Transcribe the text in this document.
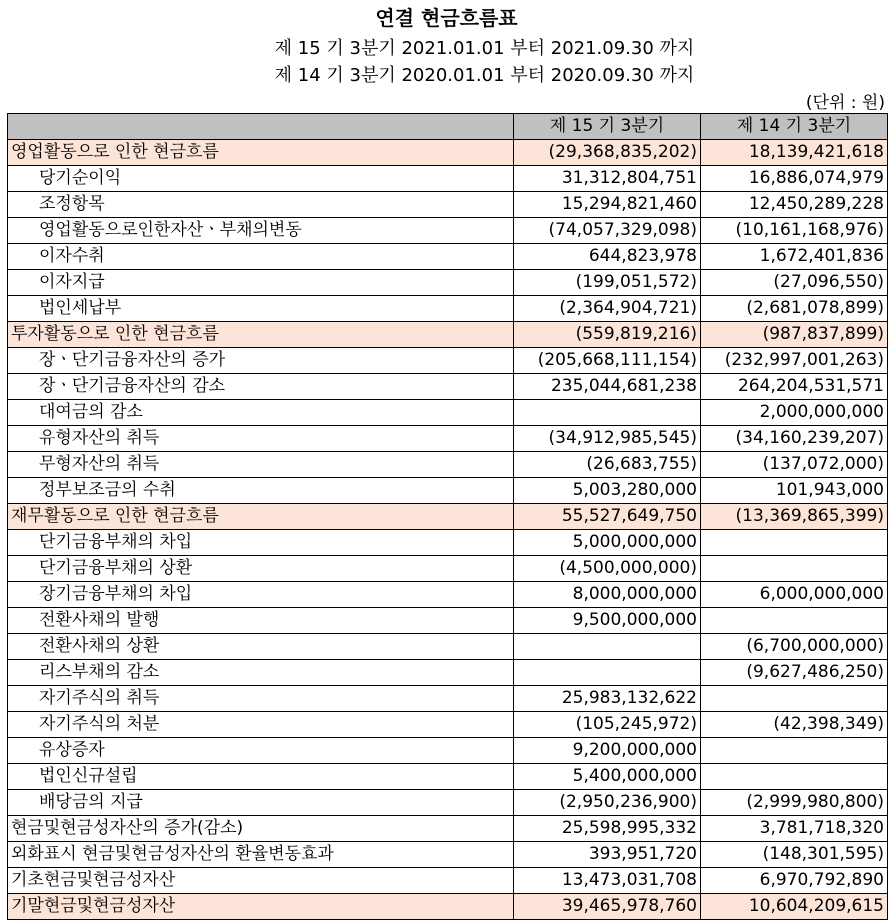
연결 현금흐름표
제 15 기 3분기 2021.01.01 부터 2021.09.30 까지
제 14 기 3분기 2020.01.01 부터 2020.09.30 까지
(단위 : 원)
	제 15 기 3분기	제 14 기 3분기
영업활동으로 인한 현금흐름	(29,368,835,202)	18,139,421,618
당기순이익	31,312,804,751	16,886,074,979
조정항목	15,294,821,460	12,450,289,228
영업활동으로인한자산ㆍ부채의변동	(74,057,329,098)	(10,161,168,976)
이자수취	644,823,978	1,672,401,836
이자지급	(199,051,572)	(27,096,550)
법인세납부	(2,364,904,721)	(2,681,078,899)
투자활동으로 인한 현금흐름	(559,819,216)	(987,837,899)
장ㆍ단기금융자산의 증가	(205,668,111,154)	(232,997,001,263)
장ㆍ단기금융자산의 감소	235,044,681,238	264,204,531,571
대여금의 감소		2,000,000,000
유형자산의 취득	(34,912,985,545)	(34,160,239,207)
무형자산의 취득	(26,683,755)	(137,072,000)
정부보조금의 수취	5,003,280,000	101,943,000
재무활동으로 인한 현금흐름	55,527,649,750	(13,369,865,399)
단기금융부채의 차입	5,000,000,000	
단기금융부채의 상환	(4,500,000,000)	
장기금융부채의 차입	8,000,000,000	6,000,000,000
전환사채의 발행	9,500,000,000	
전환사채의 상환		(6,700,000,000)
리스부채의 감소		(9,627,486,250)
자기주식의 취득	25,983,132,622	
자기주식의 처분	(105,245,972)	(42,398,349)
유상증자	9,200,000,000	
법인신규설립	5,400,000,000	
배당금의 지급	(2,950,236,900)	(2,999,980,800)
현금및현금성자산의 증가(감소)	25,598,995,332	3,781,718,320
외화표시 현금및현금성자산의 환율변동효과	393,951,720	(148,301,595)
기초현금및현금성자산	13,473,031,708	6,970,792,890
기말현금및현금성자산	39,465,978,760	10,604,209,615
